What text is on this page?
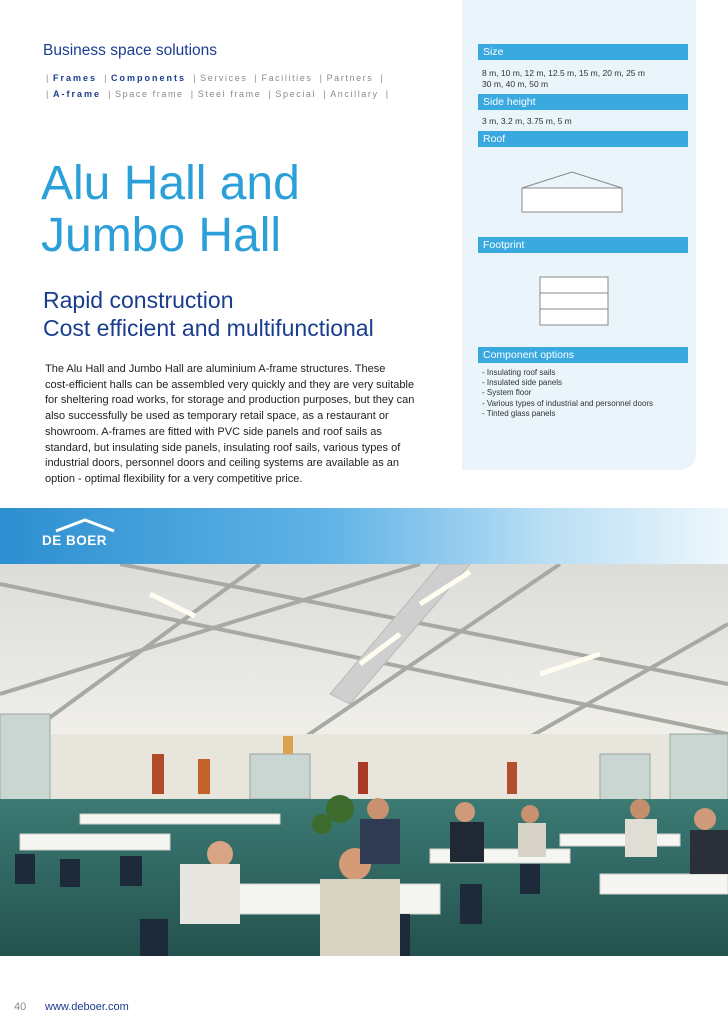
Business space solutions
| Frames | Components | Services | Facilities | Partners |
| A-frame | Space frame | Steel frame | Special | Ancillary |
Alu Hall and
Jumbo Hall
Rapid construction
Cost efficient and multifunctional
The Alu Hall and Jumbo Hall are aluminium A-frame structures. These
cost-efficient halls can be assembled very quickly and they are very suitable
for sheltering road works, for storage and production purposes, but they can
also successfully be used as temporary retail space, as a restaurant or
showroom. A-frames are fitted with PVC side panels and roof sails as
standard, but insulating side panels, insulating roof sails, various types of
industrial doors, personnel doors and ceiling systems are available as an
option - optimal flexibility for a very competitive price.
Size
8 m, 10 m, 12 m, 12.5 m, 15 m, 20 m, 25 m
30 m, 40 m, 50 m
Side height
3 m, 3.2 m, 3.75 m, 5 m
Roof
Footprint
Component options
- Insulating roof sails
- Insulated side panels
- System floor
- Various types of industrial and personnel doors
- Tinted glass panels
DE BOER
40 www.deboer.com
